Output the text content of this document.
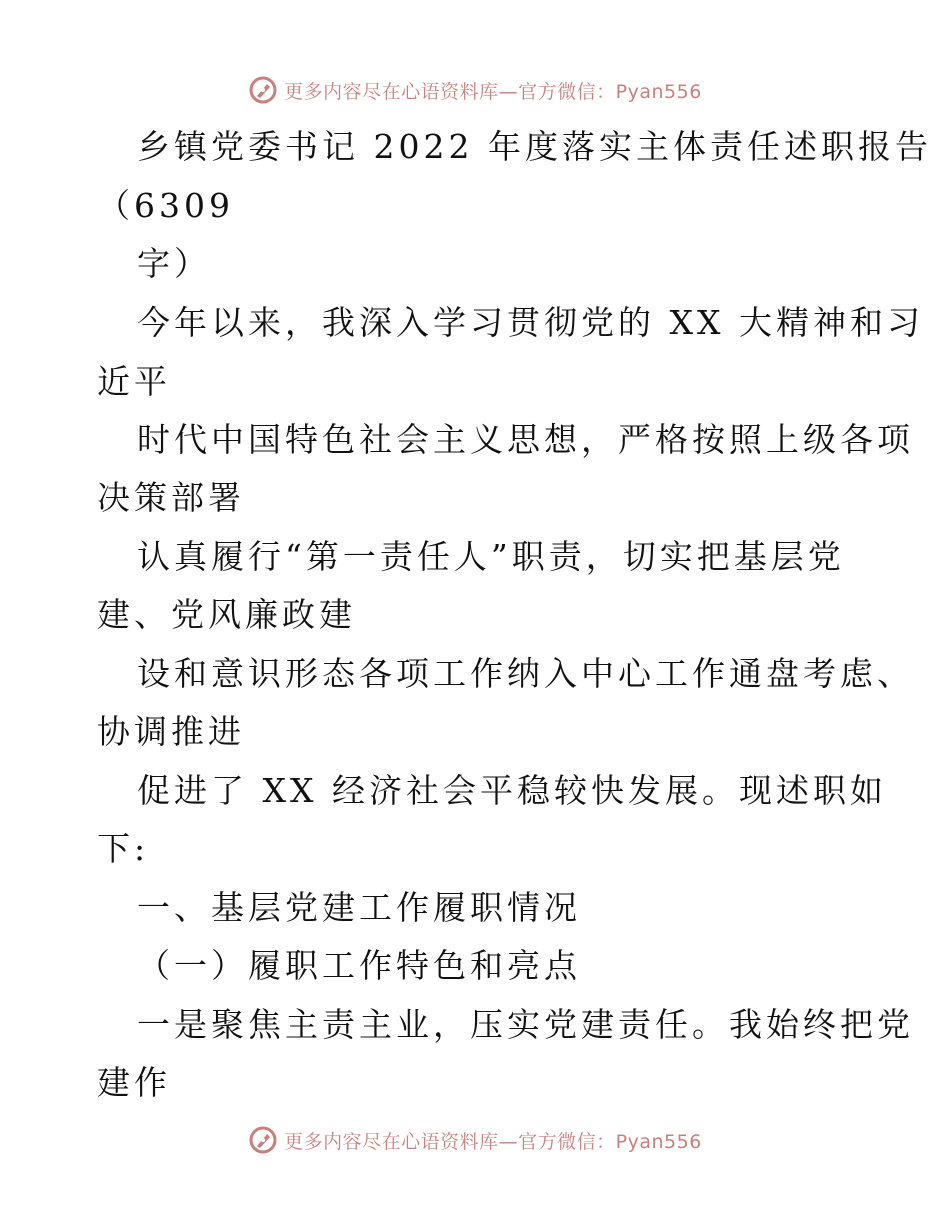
更多内容尽在心语资料库—官方微信：Pyan556
乡镇党委书记 2022 年度落实主体责任述职报告
（6309
字）
今年以来，我深入学习贯彻党的 XX 大精神和习
近平
时代中国特色社会主义思想，严格按照上级各项
决策部署
认真履行“第一责任人”职责，切实把基层党
建、党风廉政建
设和意识形态各项工作纳入中心工作通盘考虑、
协调推进
促进了 XX 经济社会平稳较快发展。现述职如
下:
一、基层党建工作履职情况
（一）履职工作特色和亮点
一是聚焦主责主业，压实党建责任。我始终把党
建作
更多内容尽在心语资料库—官方微信：Pyan556
